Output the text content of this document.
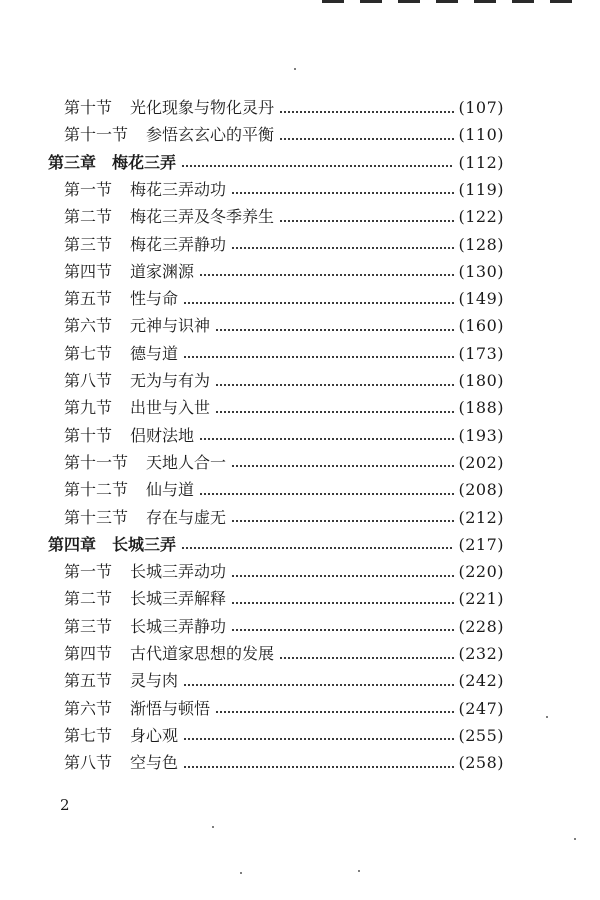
第十节 光化现象与物化灵丹	(107)
第十一节 参悟玄玄心的平衡	(110)
第三章 梅花三弄	(112)
第一节 梅花三弄动功	(119)
第二节 梅花三弄及冬季养生	(122)
第三节 梅花三弄静功	(128)
第四节 道家渊源	(130)
第五节 性与命	(149)
第六节 元神与识神	(160)
第七节 德与道	(173)
第八节 无为与有为	(180)
第九节 出世与入世	(188)
第十节 侣财法地	(193)
第十一节 天地人合一	(202)
第十二节 仙与道	(208)
第十三节 存在与虚无	(212)
第四章 长城三弄	(217)
第一节 长城三弄动功	(220)
第二节 长城三弄解释	(221)
第三节 长城三弄静功	(228)
第四节 古代道家思想的发展	(232)
第五节 灵与肉	(242)
第六节 渐悟与顿悟	(247)
第七节 身心观	(255)
第八节 空与色	(258)
2
